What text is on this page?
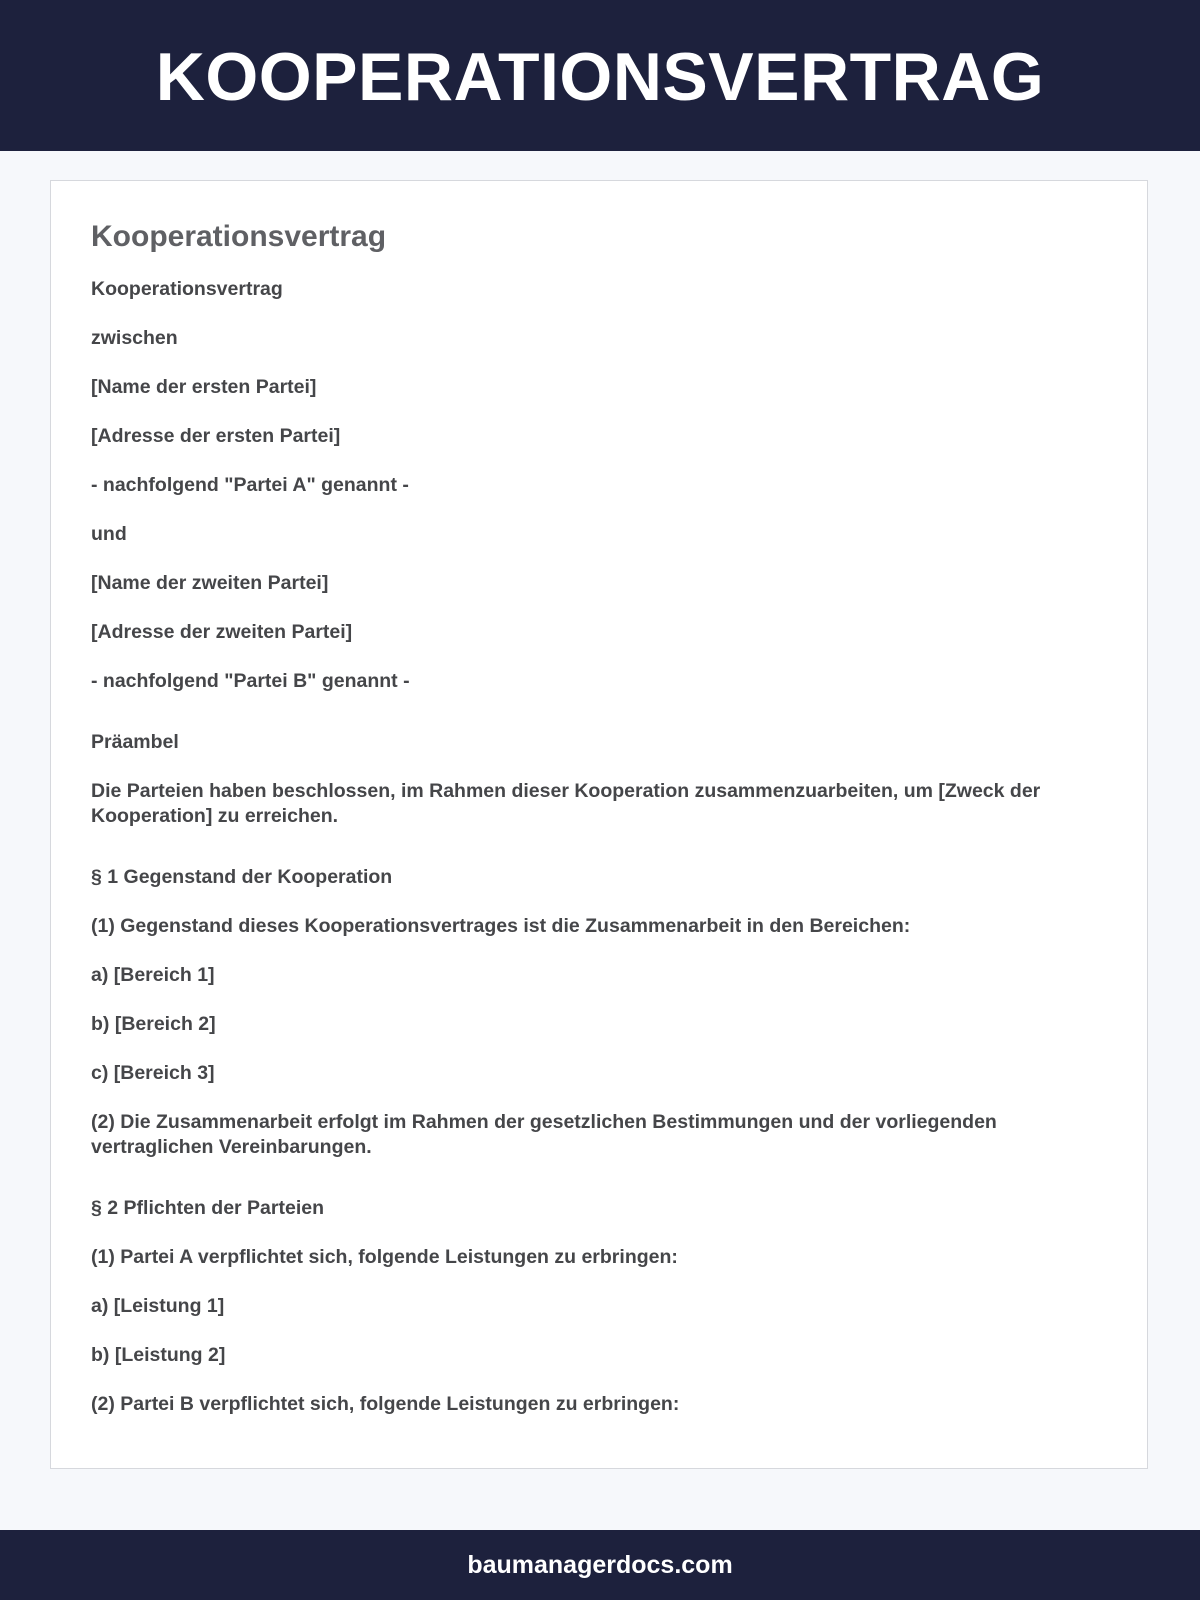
KOOPERATIONSVERTRAG
Kooperationsvertrag

Kooperationsvertrag

zwischen

[Name der ersten Partei]

[Adresse der ersten Partei]

- nachfolgend "Partei A" genannt -

und

[Name der zweiten Partei]

[Adresse der zweiten Partei]

- nachfolgend "Partei B" genannt -

Präambel

Die Parteien haben beschlossen, im Rahmen dieser Kooperation zusammenzuarbeiten, um [Zweck der Kooperation] zu erreichen.

§ 1 Gegenstand der Kooperation

(1) Gegenstand dieses Kooperationsvertrages ist die Zusammenarbeit in den Bereichen:

a) [Bereich 1]

b) [Bereich 2]

c) [Bereich 3]

(2) Die Zusammenarbeit erfolgt im Rahmen der gesetzlichen Bestimmungen und der vorliegenden vertraglichen Vereinbarungen.

§ 2 Pflichten der Parteien

(1) Partei A verpflichtet sich, folgende Leistungen zu erbringen:

a) [Leistung 1]

b) [Leistung 2]

(2) Partei B verpflichtet sich, folgende Leistungen zu erbringen:

baumanagerdocs.com
